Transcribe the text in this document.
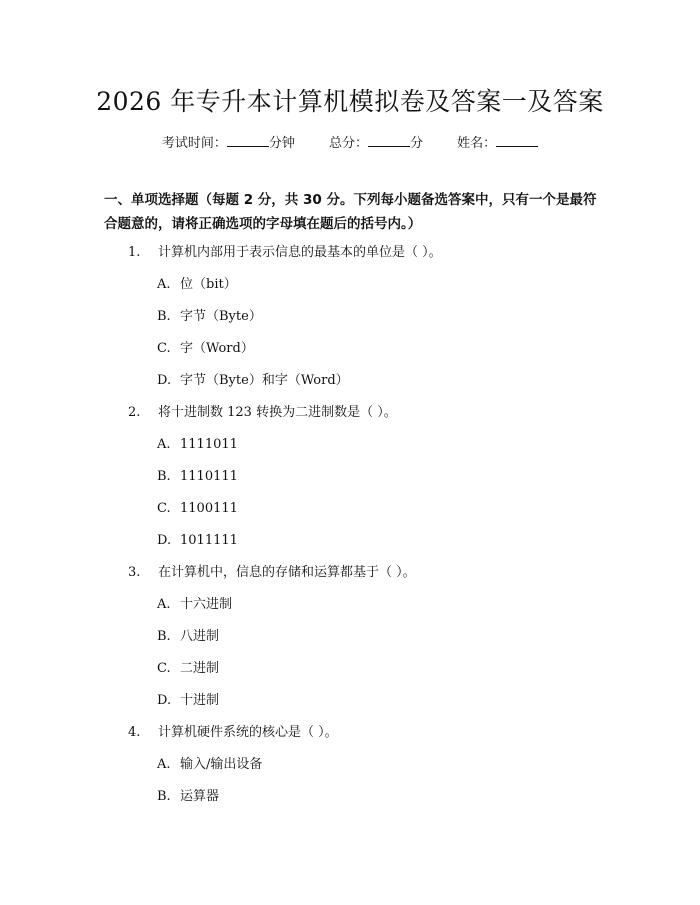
2026 年专升本计算机模拟卷及答案一及答案
考试时间：	分钟	总分：	分	姓名：
一、单项选择题（每题 2 分，共 30 分。下列每小题备选答案中，只有一个是最符合题意的，请将正确选项的字母填在题后的括号内。）
1. 计算机内部用于表示信息的最基本的单位是（ ）。
A. 位（bit）
B. 字节（Byte）
C. 字（Word）
D. 字节（Byte）和字（Word）
2. 将十进制数 123 转换为二进制数是（ ）。
A. 1111011
B. 1110111
C. 1100111
D. 1011111
3. 在计算机中，信息的存储和运算都基于（ ）。
A. 十六进制
B. 八进制
C. 二进制
D. 十进制
4. 计算机硬件系统的核心是（ ）。
A. 输入/输出设备
B. 运算器
